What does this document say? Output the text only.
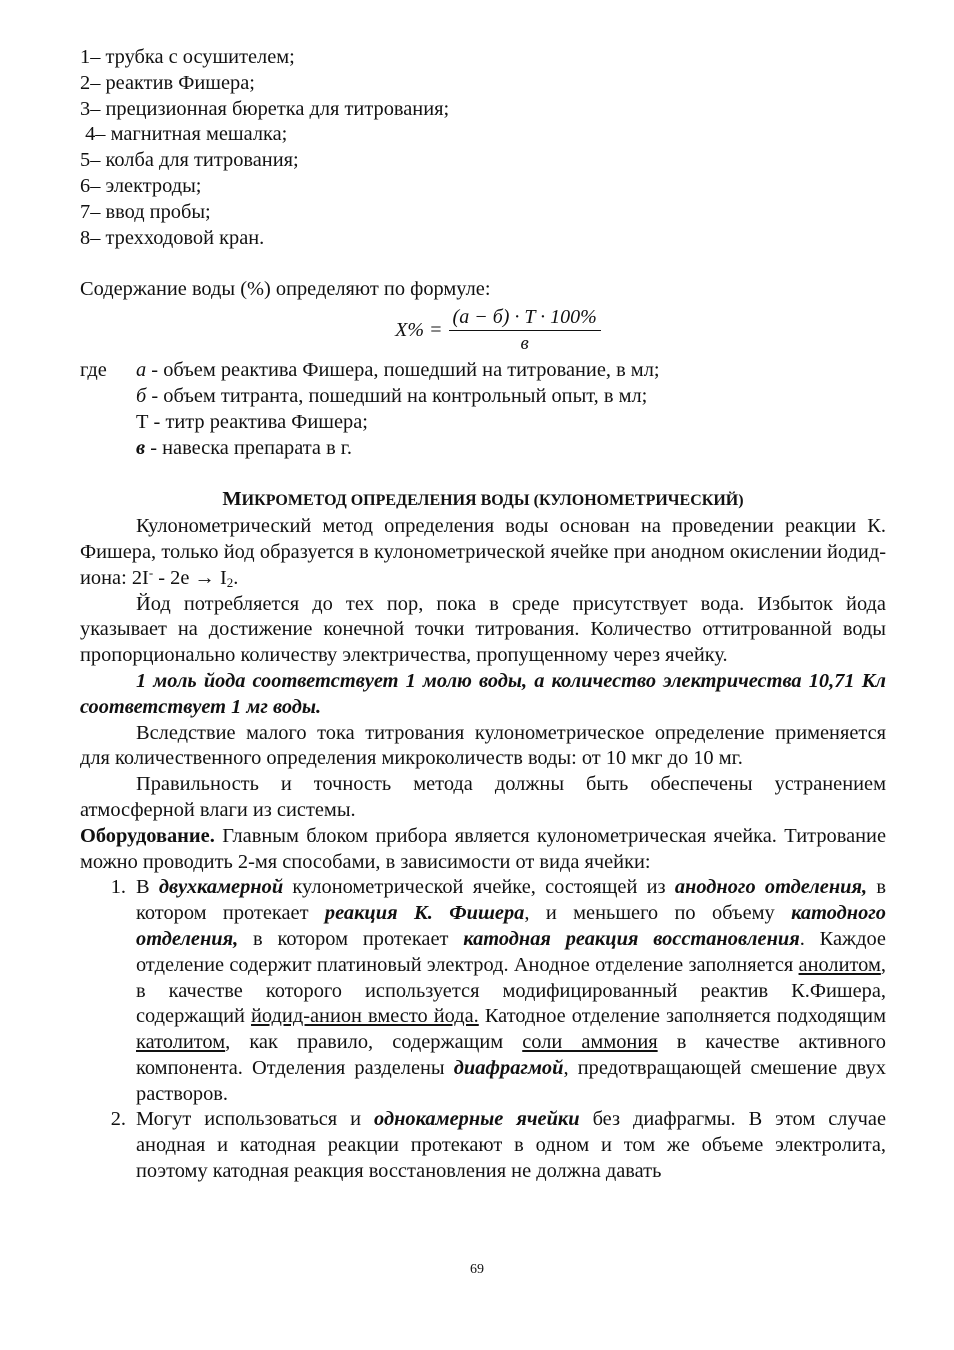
1– трубка с осушителем;
2– реактив Фишера;
3– прецизионная бюретка для титрования;
4– магнитная мешалка;
5– колба для титрования;
6– электроды;
7– ввод пробы;
8– трехходовой кран.
Содержание воды (%) определяют по формуле:
$X\% = \frac{(а - б) \cdot T \cdot 100\%}{в}$
где	а - объем реактива Фишера, пошедший на титрование, в мл;
б - объем титранта, пошедший на контрольный опыт, в мл;
Т - титр реактива Фишера;
в - навеска препарата в г.
МИКРОМЕТОД ОПРЕДЕЛЕНИЯ ВОДЫ (КУЛОНОМЕТРИЧЕСКИЙ)

Кулонометрический метод определения воды основан на проведении реакции К. Фишера, только йод образуется в кулонометрической ячейке при анодном окислении йодид-иона: $2I^- - 2е \to I_2$.

Йод потребляется до тех пор, пока в среде присутствует вода. Избыток йода указывает на достижение конечной точки титрования. Количество оттитрованной воды пропорционально количеству электричества, пропущенному через ячейку.

1 моль йода соответствует 1 молю воды, а количество электричества 10,71 Кл соответствует 1 мг воды.

Вследствие малого тока титрования кулонометрическое определение применяется для количественного определения микроколичеств воды: от 10 мкг до 10 мг.

Правильность и точность метода должны быть обеспечены устранением атмосферной влаги из системы.

Оборудование. Главным блоком прибора является кулонометрическая ячейка. Титрование можно проводить 2-мя способами, в зависимости от вида ячейки:

1. В двухкамерной кулонометрической ячейке, состоящей из анодного отделения, в котором протекает реакция К. Фишера, и меньшего по объему катодного отделения, в котором протекает катодная реакция восстановления. Каждое отделение содержит платиновый электрод. Анодное отделение заполняется анолитом, в качестве которого используется модифицированный реактив К.Фишера, содержащий йодид-анион вместо йода. Катодное отделение заполняется подходящим католитом, как правило, содержащим соли аммония в качестве активного компонента. Отделения разделены диафрагмой, предотвращающей смешение двух растворов.
2. Могут использоваться и однокамерные ячейки без диафрагмы. В этом случае анодная и катодная реакции протекают в одном и том же объеме электролита, поэтому катодная реакция восстановления не должна давать
69
